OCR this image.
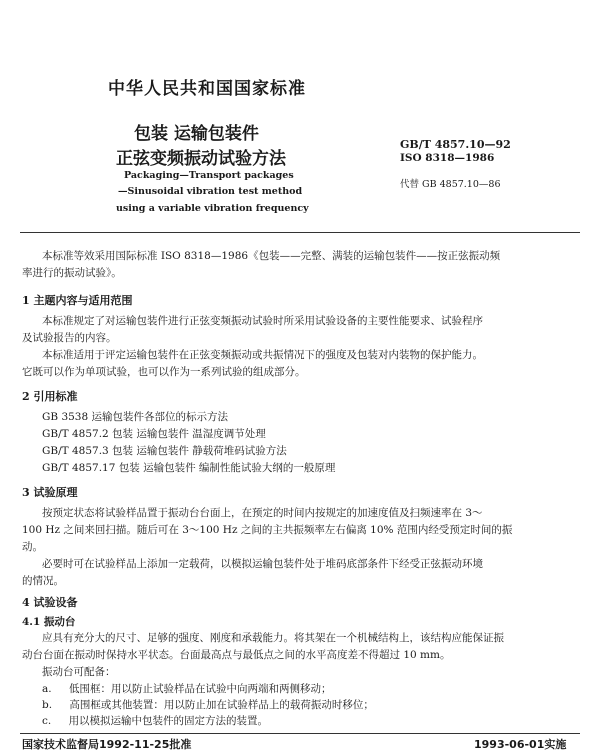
中华人民共和国国家标准
包装 运输包装件
正弦变频振动试验方法
GB/T 4857.10—92
ISO 8318—1986
代替 GB 4857.10—86
Packaging—Transport packages
—Sinusoidal vibration test method
using a variable vibration frequency
本标准等效采用国际标准 ISO 8318—1986《包装——完整、满装的运输包装件——按正弦振动频
率进行的振动试验》。
1 主题内容与适用范围
本标准规定了对运输包装件进行正弦变频振动试验时所采用试验设备的主要性能要求、试验程序
及试验报告的内容。
本标准适用于评定运输包装件在正弦变频振动或共振情况下的强度及包装对内装物的保护能力。
它既可以作为单项试验，也可以作为一系列试验的组成部分。
2 引用标准
GB 3538 运输包装件各部位的标示方法
GB/T 4857.2 包装 运输包装件 温湿度调节处理
GB/T 4857.3 包装 运输包装件 静载荷堆码试验方法
GB/T 4857.17 包装 运输包装件 编制性能试验大纲的一般原理
3 试验原理
按预定状态将试验样品置于振动台台面上，在预定的时间内按规定的加速度值及扫频速率在 3～
100 Hz 之间来回扫描。随后可在 3～100 Hz 之间的主共振频率左右偏离 10% 范围内经受预定时间的振
动。
必要时可在试验样品上添加一定载荷，以模拟运输包装件处于堆码底部条件下经受正弦振动环境
的情况。
4 试验设备
4.1 振动台
应具有充分大的尺寸、足够的强度、刚度和承载能力。将其架在一个机械结构上，该结构应能保证振
动台台面在振动时保持水平状态。台面最高点与最低点之间的水平高度差不得超过 10 mm。
振动台可配备：
a. 低围框：用以防止试验样品在试验中向两端和两侧移动；
b. 高围框或其他装置：用以防止加在试验样品上的载荷振动时移位；
c. 用以模拟运输中包装件的固定方法的装置。
国家技术监督局1992-11-25批准	1993-06-01实施
